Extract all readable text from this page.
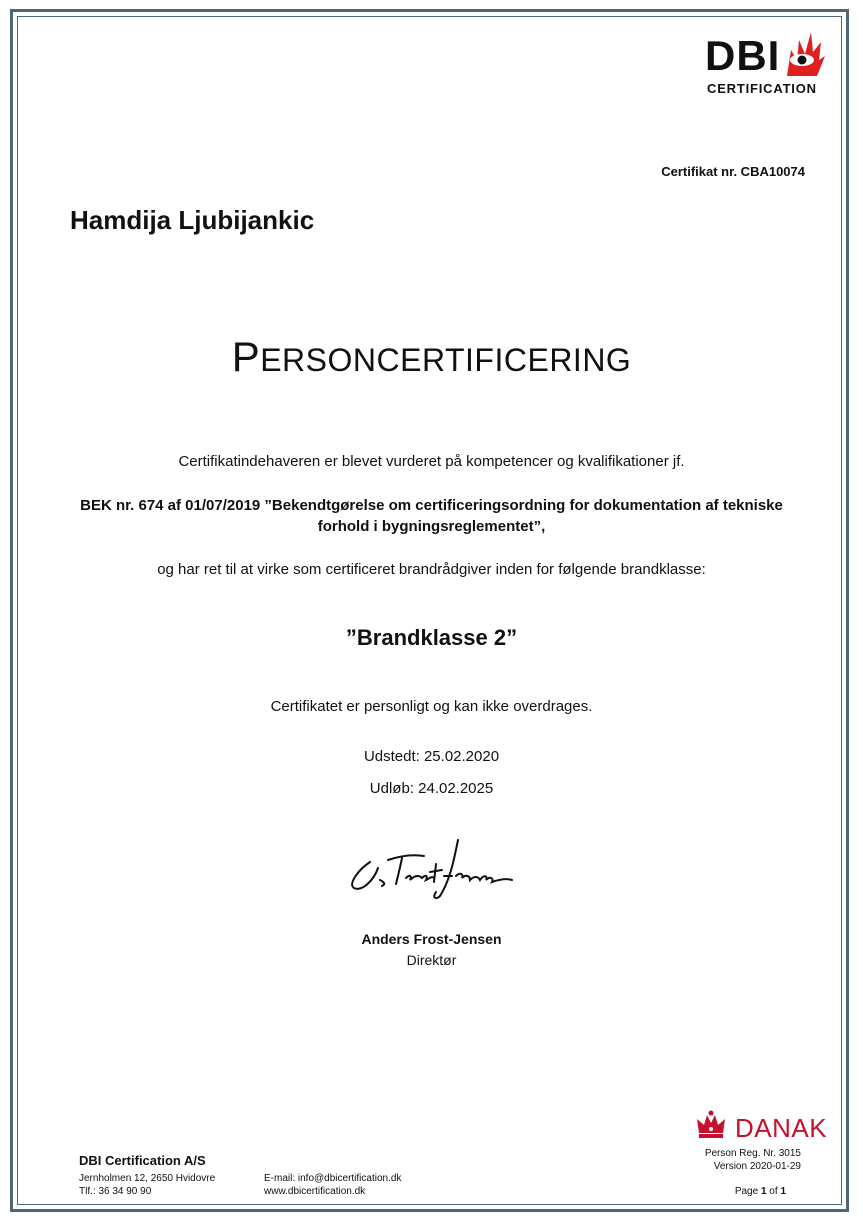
DBI
CERTIFICATION
Certifikat nr. CBA10074
Hamdija Ljubijankic
PERSONCERTIFICERING
Certifikatindehaveren er blevet vurderet på kompetencer og kvalifikationer jf.
BEK nr. 674 af 01/07/2019 ”Bekendtgørelse om certificeringsordning for dokumentation af tekniske forhold i bygningsreglementet”,
og har ret til at virke som certificeret brandrådgiver inden for følgende brandklasse:
”Brandklasse 2”
Certifikatet er personligt og kan ikke overdrages.
Udstedt: 25.02.2020
Udløb: 24.02.2025
Anders Frost-Jensen
Direktør
DANAK
Person Reg. Nr. 3015
Version 2020-01-29
DBI Certification A/S
Jernholmen 12, 2650 Hvidovre
Tlf.: 36 34 90 90
E-mail: info@dbicertification.dk
www.dbicertification.dk	Page 1 of 1
